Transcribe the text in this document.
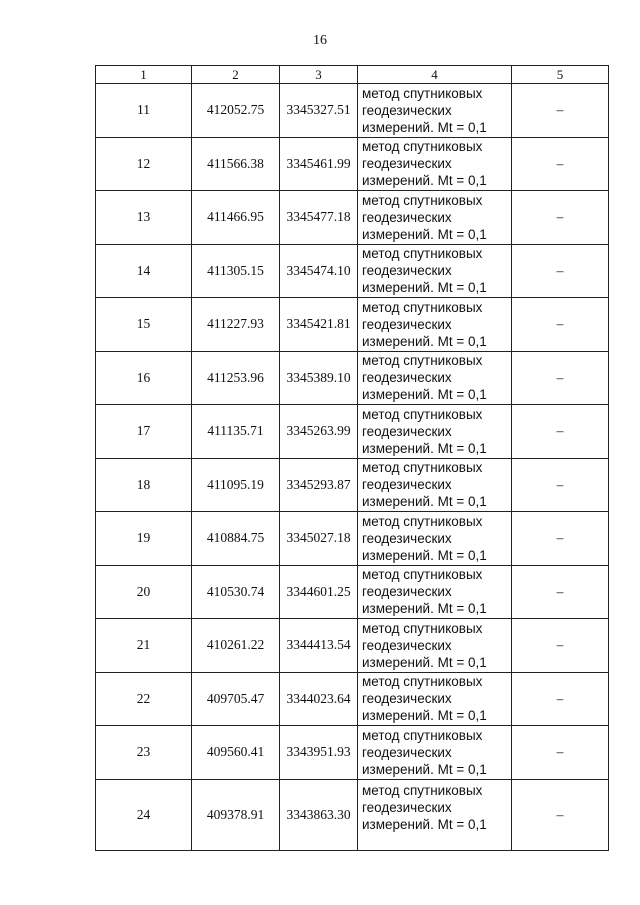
16
1	2	3	4	5
11	412052.75	3345327.51	метод спутниковых
геодезических
измерений. Mt = 0,1	–
12	411566.38	3345461.99	метод спутниковых
геодезических
измерений. Mt = 0,1	–
13	411466.95	3345477.18	метод спутниковых
геодезических
измерений. Mt = 0,1	–
14	411305.15	3345474.10	метод спутниковых
геодезических
измерений. Mt = 0,1	–
15	411227.93	3345421.81	метод спутниковых
геодезических
измерений. Mt = 0,1	–
16	411253.96	3345389.10	метод спутниковых
геодезических
измерений. Mt = 0,1	–
17	411135.71	3345263.99	метод спутниковых
геодезических
измерений. Mt = 0,1	–
18	411095.19	3345293.87	метод спутниковых
геодезических
измерений. Mt = 0,1	–
19	410884.75	3345027.18	метод спутниковых
геодезических
измерений. Mt = 0,1	–
20	410530.74	3344601.25	метод спутниковых
геодезических
измерений. Mt = 0,1	–
21	410261.22	3344413.54	метод спутниковых
геодезических
измерений. Mt = 0,1	–
22	409705.47	3344023.64	метод спутниковых
геодезических
измерений. Mt = 0,1	–
23	409560.41	3343951.93	метод спутниковых
геодезических
измерений. Mt = 0,1	–
24	409378.91	3343863.30	метод спутниковых
геодезических
измерений. Mt = 0,1	–
